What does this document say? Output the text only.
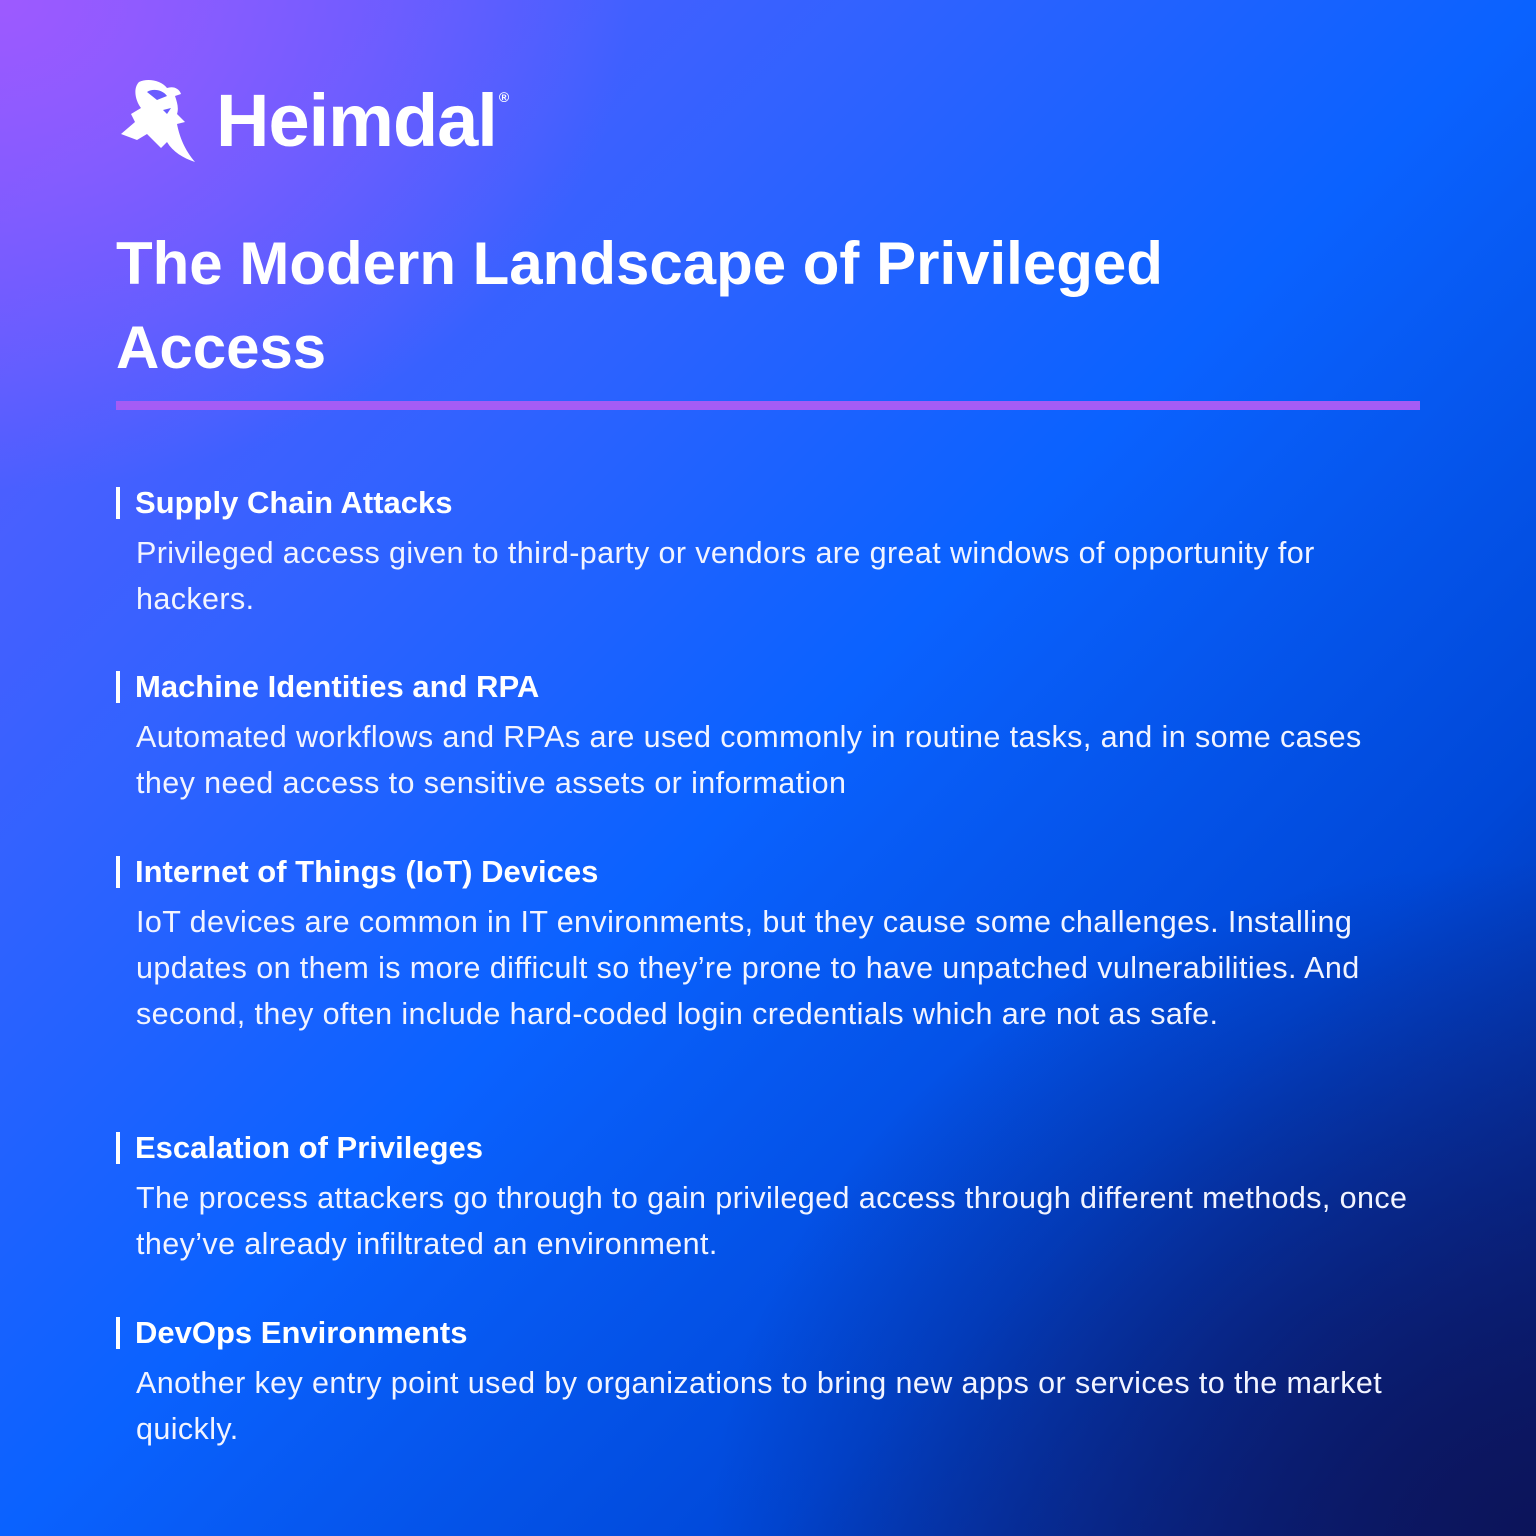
Heimdal ®
The Modern Landscape of Privileged Access
Supply Chain Attacks
Privileged access given to third-party or vendors are great windows of opportunity for hackers.
Machine Identities and RPA
Automated workflows and RPAs are used commonly in routine tasks, and in some cases they need access to sensitive assets or information
Internet of Things (IoT) Devices
IoT devices are common in IT environments, but they cause some challenges. Installing updates on them is more difficult so they’re prone to have unpatched vulnerabilities. And second, they often include hard-coded login credentials which are not as safe.
Escalation of Privileges
The process attackers go through to gain privileged access through different methods, once they’ve already infiltrated an environment.
DevOps Environments
Another key entry point used by organizations to bring new apps or services to the market quickly.
